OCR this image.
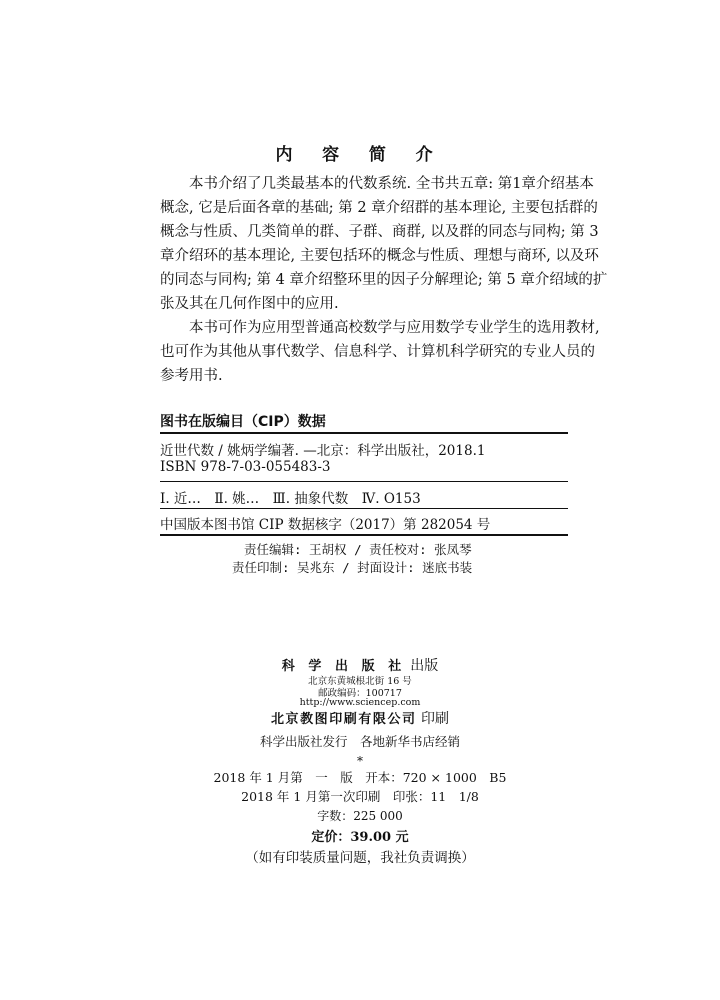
内 容 简 介

本书介绍了几类最基本的代数系统. 全书共五章: 第1章介绍基本
概念, 它是后面各章的基础; 第 2 章介绍群的基本理论, 主要包括群的
概念与性质、几类简单的群、子群、商群, 以及群的同态与同构; 第 3
章介绍环的基本理论, 主要包括环的概念与性质、理想与商环, 以及环
的同态与同构; 第 4 章介绍整环里的因子分解理论; 第 5 章介绍域的扩
张及其在几何作图中的应用.

本书可作为应用型普通高校数学与应用数学专业学生的选用教材,
也可作为其他从事代数学、信息科学、计算机科学研究的专业人员的
参考用书.

图书在版编目（CIP）数据
近世代数 / 姚炳学编著. —北京：科学出版社，2018.1
ISBN 978-7-03-055483-3
Ⅰ. 近…　Ⅱ. 姚…　Ⅲ. 抽象代数　Ⅳ. O153
中国版本图书馆 CIP 数据核字（2017）第 282054 号
责任编辑: 王胡权 / 责任校对: 张凤琴
责任印制: 吴兆东 / 封面设计: 迷底书装
科 学 出 版 社 出版
北京东黄城根北街 16 号
邮政编码：100717
http://www.sciencep.com
北京教图印刷有限公司 印刷
科学出版社发行　各地新华书店经销
*
2018 年 1 月第　一　版　开本：720 × 1000　B5
2018 年 1 月第一次印刷　印张：11　1/8
字数：225 000
定价：39.00 元
（如有印装质量问题，我社负责调换）
